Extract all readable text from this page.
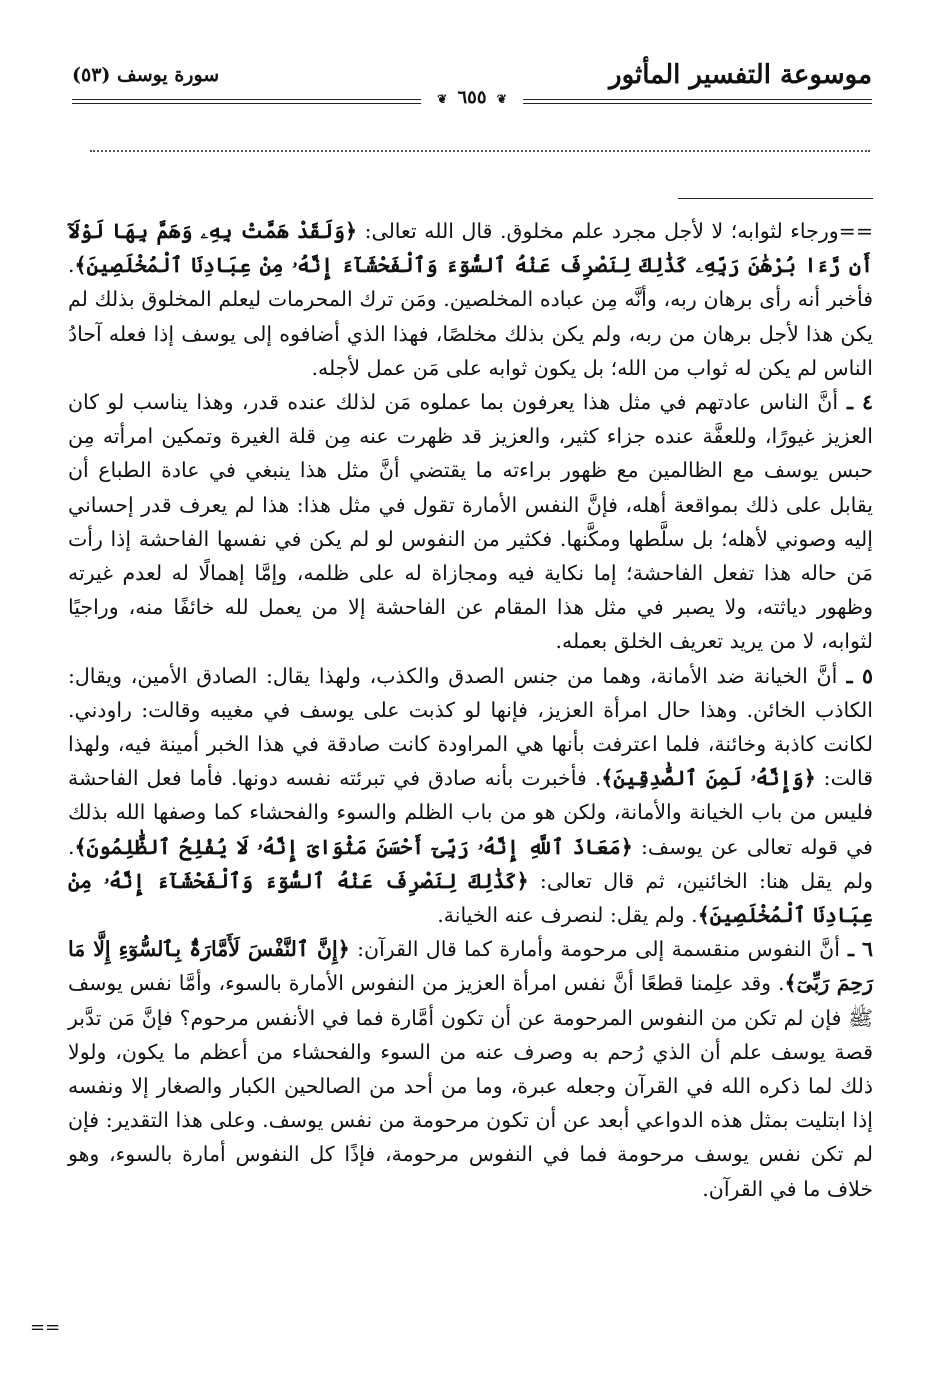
موسوعة التفسير المأثور
سورة يوسف (٥٣)
❦ ٦٥٥ ❦

==ورجاء لثوابه؛ لا لأجل مجرد علم مخلوق. قال الله تعالى: ﴿وَلَقَدْ هَمَّتْ بِهِۦ وَهَمَّ بِهَا لَوْلَآ أَن رَّءَا بُرْهَٰنَ رَبِّهِۦ كَذَٰلِكَ لِنَصْرِفَ عَنْهُ ٱلسُّوٓءَ وَٱلْفَحْشَآءَ إِنَّهُۥ مِنْ عِبَادِنَا ٱلْمُخْلَصِينَ﴾. فأخبر أنه رأى برهان ربه، وأنَّه مِن عباده المخلصين. ومَن ترك المحرمات ليعلم المخلوق بذلك لم يكن هذا لأجل برهان من ربه، ولم يكن بذلك مخلصًا، فهذا الذي أضافوه إلى يوسف إذا فعله آحادُ الناس لم يكن له ثواب من الله؛ بل يكون ثوابه على مَن عمل لأجله.

٤ ـ أنَّ الناس عادتهم في مثل هذا يعرفون بما عملوه مَن لذلك عنده قدر، وهذا يناسب لو كان العزيز غيورًا، وللعفَّة عنده جزاء كثير، والعزيز قد ظهرت عنه مِن قلة الغيرة وتمكين امرأته مِن حبس يوسف مع الظالمين مع ظهور براءته ما يقتضي أنَّ مثل هذا ينبغي في عادة الطباع أن يقابل على ذلك بمواقعة أهله، فإنَّ النفس الأمارة تقول في مثل هذا: هذا لم يعرف قدر إحساني إليه وصوني لأهله؛ بل سلَّطها ومكَّنها. فكثير من النفوس لو لم يكن في نفسها الفاحشة إذا رأت مَن حاله هذا تفعل الفاحشة؛ إما نكاية فيه ومجازاة له على ظلمه، وإمَّا إهمالًا له لعدم غيرته وظهور دياثته، ولا يصبر في مثل هذا المقام عن الفاحشة إلا من يعمل لله خائفًا منه، وراجيًا لثوابه، لا من يريد تعريف الخلق بعمله.

٥ ـ أنَّ الخيانة ضد الأمانة، وهما من جنس الصدق والكذب، ولهذا يقال: الصادق الأمين، ويقال: الكاذب الخائن. وهذا حال امرأة العزيز، فإنها لو كذبت على يوسف في مغيبه وقالت: راودني. لكانت كاذبة وخائنة، فلما اعترفت بأنها هي المراودة كانت صادقة في هذا الخبر أمينة فيه، ولهذا قالت: ﴿وَإِنَّهُۥ لَمِنَ ٱلصَّٰدِقِينَ﴾. فأخبرت بأنه صادق في تبرئته نفسه دونها. فأما فعل الفاحشة فليس من باب الخيانة والأمانة، ولكن هو من باب الظلم والسوء والفحشاء كما وصفها الله بذلك في قوله تعالى عن يوسف: ﴿مَعَاذَ ٱللَّهِ إِنَّهُۥ رَبِّىٓ أَحْسَنَ مَثْوَاىَ إِنَّهُۥ لَا يُفْلِحُ ٱلظَّٰلِمُونَ﴾. ولم يقل هنا: الخائنين، ثم قال تعالى: ﴿كَذَٰلِكَ لِنَصْرِفَ عَنْهُ ٱلسُّوٓءَ وَٱلْفَحْشَآءَ إِنَّهُۥ مِنْ عِبَادِنَا ٱلْمُخْلَصِينَ﴾. ولم يقل: لنصرف عنه الخيانة.

٦ ـ أنَّ النفوس منقسمة إلى مرحومة وأمارة كما قال القرآن: ﴿إِنَّ ٱلنَّفْسَ لَأَمَّارَةٌۢ بِٱلسُّوٓءِ إِلَّا مَا رَحِمَ رَبِّىٓ﴾. وقد علِمنا قطعًا أنَّ نفس امرأة العزيز من النفوس الأمارة بالسوء، وأمَّا نفس يوسف ﷺ فإن لم تكن من النفوس المرحومة عن أن تكون أمَّارة فما في الأنفس مرحوم؟ فإنَّ مَن تدَّبر قصة يوسف علم أن الذي رُحم به وصرف عنه من السوء والفحشاء من أعظم ما يكون، ولولا ذلك لما ذكره الله في القرآن وجعله عبرة، وما من أحد من الصالحين الكبار والصغار إلا ونفسه إذا ابتليت بمثل هذه الدواعي أبعد عن أن تكون مرحومة من نفس يوسف. وعلى هذا التقدير: فإن لم تكن نفس يوسف مرحومة فما في النفوس مرحومة، فإذًا كل النفوس أمارة بالسوء، وهو خلاف ما في القرآن.

==
